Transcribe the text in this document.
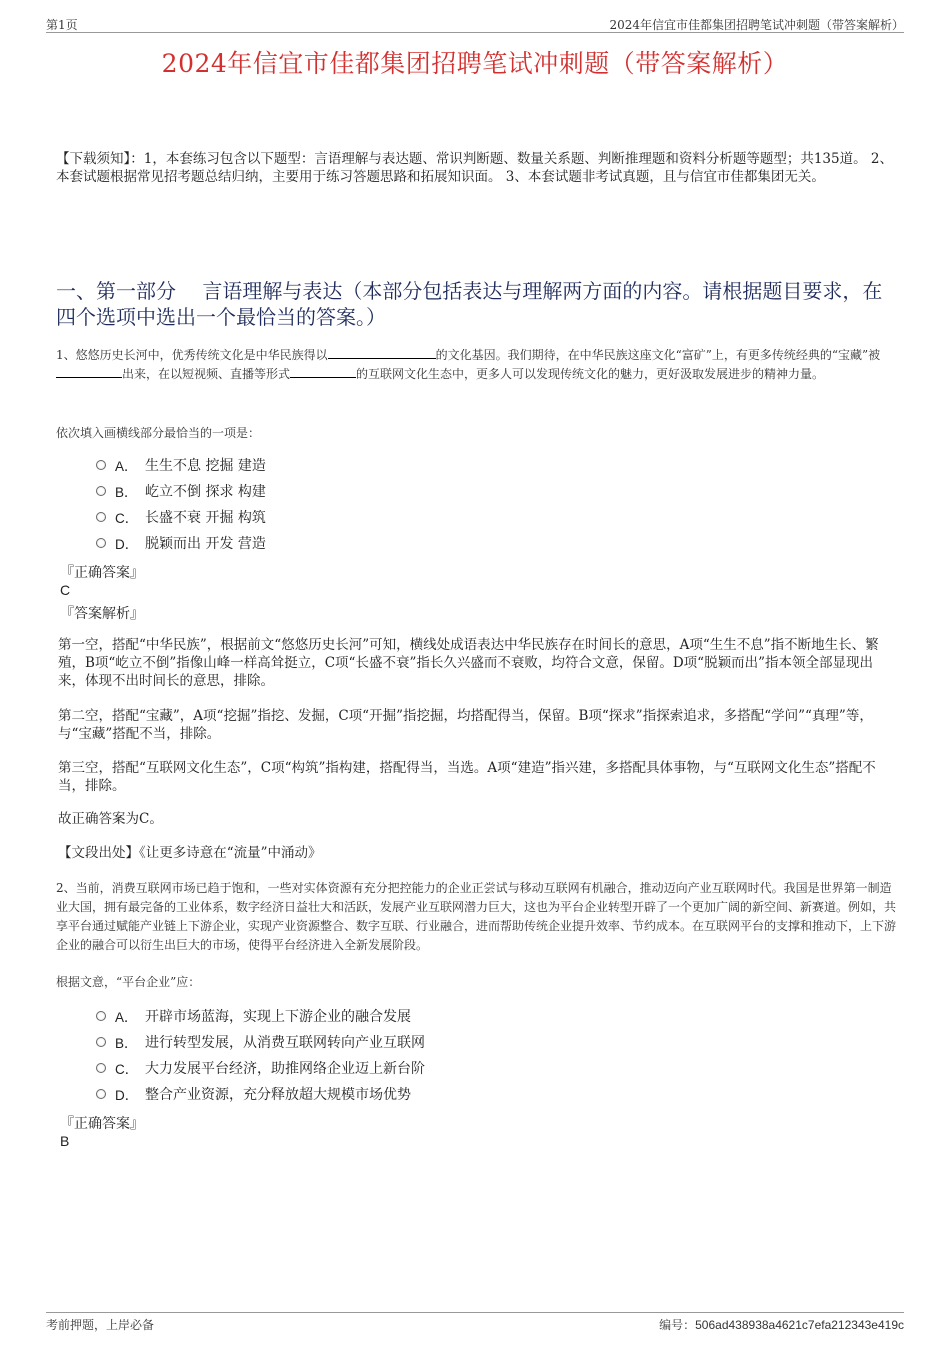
第1页	2024年信宜市佳都集团招聘笔试冲刺题（带答案解析）
2024年信宜市佳都集团招聘笔试冲刺题（带答案解析）
【下载须知】：1，本套练习包含以下题型：言语理解与表达题、常识判断题、数量关系题、判断推理题和资料分析题等题型；共135道。 2、本套试题根据常见招考题总结归纳，主要用于练习答题思路和拓展知识面。 3、本套试题非考试真题，且与信宜市佳都集团无关。
一、第一部分　 言语理解与表达（本部分包括表达与理解两方面的内容。请根据题目要求，在四个选项中选出一个最恰当的答案。）
1、悠悠历史长河中，优秀传统文化是中华民族得以	的文化基因。我们期待，在中华民族这座文化“富矿”上，有更多传统经典的“宝藏”被出来，在以短视频、直播等形式	的互联网文化生态中，更多人可以发现传统文化的魅力，更好汲取发展进步的精神力量。
依次填入画横线部分最恰当的一项是：
A． 生生不息 挖掘 建造
B． 屹立不倒 探求 构建
C． 长盛不衰 开掘 构筑
D． 脱颖而出 开发 营造
『正确答案』
C
『答案解析』
第一空，搭配“中华民族”，根据前文“悠悠历史长河”可知，横线处成语表达中华民族存在时间长的意思，A项“生生不息”指不断地生长、繁殖，B项“屹立不倒”指像山峰一样高耸挺立，C项“长盛不衰”指长久兴盛而不衰败，均符合文意，保留。D项“脱颖而出”指本领全部显现出来，体现不出时间长的意思，排除。
第二空，搭配“宝藏”，A项“挖掘”指挖、发掘，C项“开掘”指挖掘，均搭配得当，保留。B项“探求”指探索追求，多搭配“学问”“真理”等，与“宝藏”搭配不当，排除。
第三空，搭配“互联网文化生态”，C项“构筑”指构建，搭配得当，当选。A项“建造”指兴建，多搭配具体事物，与“互联网文化生态”搭配不当，排除。
故正确答案为C。
【文段出处】《让更多诗意在“流量”中涌动》
2、当前，消费互联网市场已趋于饱和，一些对实体资源有充分把控能力的企业正尝试与移动互联网有机融合，推动迈向产业互联网时代。我国是世界第一制造业大国，拥有最完备的工业体系，数字经济日益壮大和活跃，发展产业互联网潜力巨大，这也为平台企业转型开辟了一个更加广阔的新空间、新赛道。例如，共享平台通过赋能产业链上下游企业，实现产业资源整合、数字互联、行业融合，进而帮助传统企业提升效率、节约成本。在互联网平台的支撑和推动下，上下游企业的融合可以衍生出巨大的市场，使得平台经济进入全新发展阶段。
根据文意，“平台企业”应：
A． 开辟市场蓝海，实现上下游企业的融合发展
B． 进行转型发展，从消费互联网转向产业互联网
C． 大力发展平台经济，助推网络企业迈上新台阶
D． 整合产业资源，充分释放超大规模市场优势
『正确答案』
B
考前押题，上岸必备	编号：506ad438938a4621c7efa212343e419c
